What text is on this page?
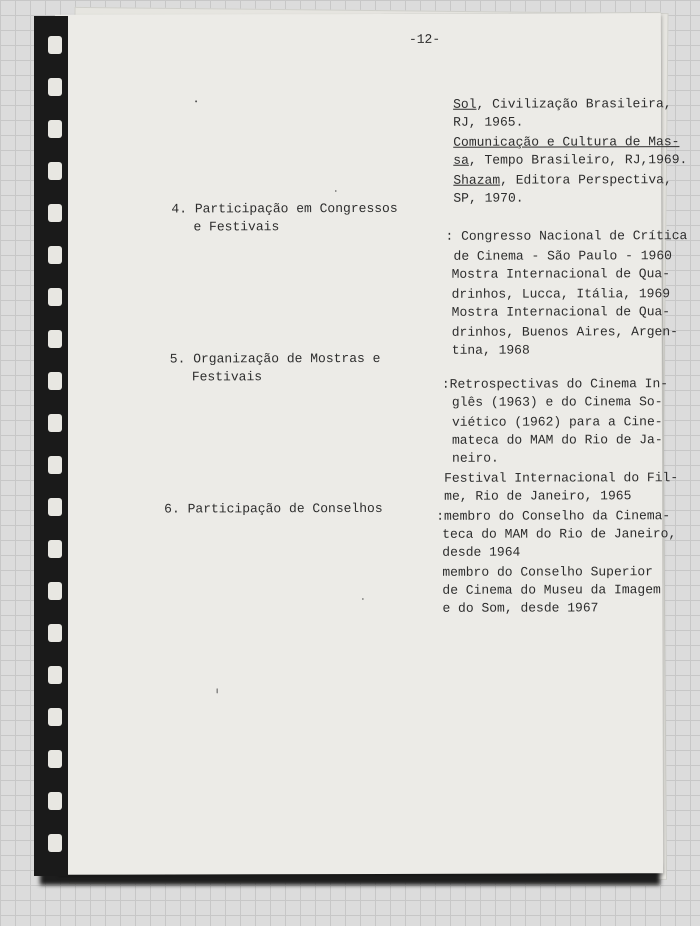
-12-
Sol, Civilização Brasileira,
RJ, 1965.
Comunicação e Cultura de Mas-
sa, Tempo Brasileiro, RJ,1969.
Shazam, Editora Perspectiva,
SP, 1970.
4. Participação em Congressos
e Festivais
: Congresso Nacional de Crítica
de Cinema - São Paulo - 1960
Mostra Internacional de Qua-
drinhos, Lucca, Itália, 1969
Mostra Internacional de Qua-
drinhos, Buenos Aires, Argen-
tina, 1968
5. Organização de Mostras e
Festivais	:Retrospectivas do Cinema In-
glês (1963) e do Cinema So-
viético (1962) para a Cine-
mateca do MAM do Rio de Ja-
neiro.
Festival Internacional do Fil-
me, Rio de Janeiro, 1965
6. Participação de Conselhos	:membro do Conselho da Cinema-
teca do MAM do Rio de Janeiro,
desde 1964
membro do Conselho Superior
de Cinema do Museu da Imagem
e do Som, desde 1967
